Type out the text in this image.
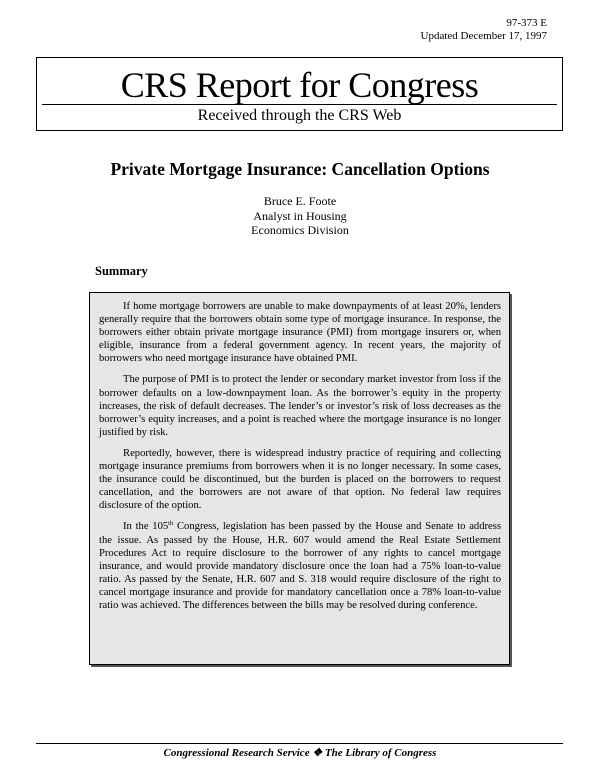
97-373 E
Updated December 17, 1997
CRS Report for Congress
Received through the CRS Web
Private Mortgage Insurance: Cancellation Options
Bruce E. Foote
Analyst in Housing
Economics Division
Summary

If home mortgage borrowers are unable to make downpayments of at least 20%, lenders generally require that the borrowers obtain some type of mortgage insurance. In response, the borrowers either obtain private mortgage insurance (PMI) from mortgage insurers or, when eligible, insurance from a federal government agency. In recent years, the majority of borrowers who need mortgage insurance have obtained PMI.

The purpose of PMI is to protect the lender or secondary market investor from loss if the borrower defaults on a low-downpayment loan. As the borrower’s equity in the property increases, the risk of default decreases. The lender’s or investor’s risk of loss decreases as the borrower’s equity increases, and a point is reached where the mortgage insurance is no longer justified by risk.

Reportedly, however, there is widespread industry practice of requiring and collecting mortgage insurance premiums from borrowers when it is no longer necessary. In some cases, the insurance could be discontinued, but the burden is placed on the borrowers to request cancellation, and the borrowers are not aware of that option. No federal law requires disclosure of the option.

In the 105th Congress, legislation has been passed by the House and Senate to address the issue. As passed by the House, H.R. 607 would amend the Real Estate Settlement Procedures Act to require disclosure to the borrower of any rights to cancel mortgage insurance, and would provide mandatory disclosure once the loan had a 75% loan-to-value ratio. As passed by the Senate, H.R. 607 and S. 318 would require disclosure of the right to cancel mortgage insurance and provide for mandatory cancellation once a 78% loan-to-value ratio was achieved. The differences between the bills may be resolved during conference.

Congressional Research Service ❖ The Library of Congress
